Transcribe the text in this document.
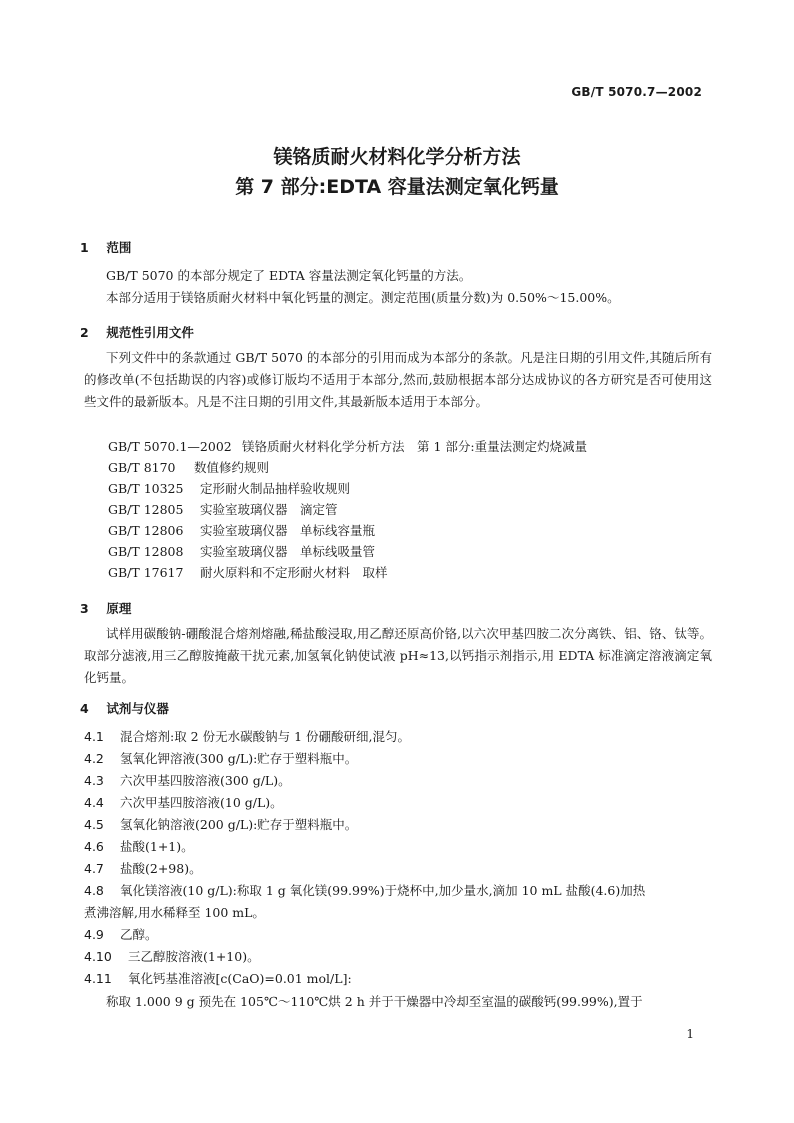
GB/T 5070.7—2002
镁铬质耐火材料化学分析方法
第 7 部分:EDTA 容量法测定氧化钙量
1 范围
GB/T 5070 的本部分规定了 EDTA 容量法测定氧化钙量的方法。
本部分适用于镁铬质耐火材料中氧化钙量的测定。测定范围(质量分数)为 0.50%～15.00%。
2 规范性引用文件
下列文件中的条款通过 GB/T 5070 的本部分的引用而成为本部分的条款。凡是注日期的引用文件,其随后所有的修改单(不包括勘误的内容)或修订版均不适用于本部分,然而,鼓励根据本部分达成协议的各方研究是否可使用这些文件的最新版本。凡是不注日期的引用文件,其最新版本适用于本部分。
GB/T 5070.1—2002 镁铬质耐火材料化学分析方法　第 1 部分:重量法测定灼烧减量
GB/T 8170 数值修约规则
GB/T 10325 定形耐火制品抽样验收规则
GB/T 12805 实验室玻璃仪器　滴定管
GB/T 12806 实验室玻璃仪器　单标线容量瓶
GB/T 12808 实验室玻璃仪器　单标线吸量管
GB/T 17617 耐火原料和不定形耐火材料　取样
3 原理
试样用碳酸钠-硼酸混合熔剂熔融,稀盐酸浸取,用乙醇还原高价铬,以六次甲基四胺二次分离铁、铝、铬、钛等。取部分滤液,用三乙醇胺掩蔽干扰元素,加氢氧化钠使试液 pH≈13,以钙指示剂指示,用 EDTA 标准滴定溶液滴定氧化钙量。
4 试剂与仪器
4.1 混合熔剂:取 2 份无水碳酸钠与 1 份硼酸研细,混匀。
4.2 氢氧化钾溶液(300 g/L):贮存于塑料瓶中。
4.3 六次甲基四胺溶液(300 g/L)。
4.4 六次甲基四胺溶液(10 g/L)。
4.5 氢氧化钠溶液(200 g/L):贮存于塑料瓶中。
4.6 盐酸(1+1)。
4.7 盐酸(2+98)。
4.8 氧化镁溶液(10 g/L):称取 1 g 氧化镁(99.99%)于烧杯中,加少量水,滴加 10 mL 盐酸(4.6)加热
煮沸溶解,用水稀释至 100 mL。
4.9 乙醇。
4.10 三乙醇胺溶液(1+10)。
4.11 氧化钙基准溶液[c(CaO)=0.01 mol/L]:
称取 1.000 9 g 预先在 105℃～110℃烘 2 h 并于干燥器中冷却至室温的碳酸钙(99.99%),置于
1
